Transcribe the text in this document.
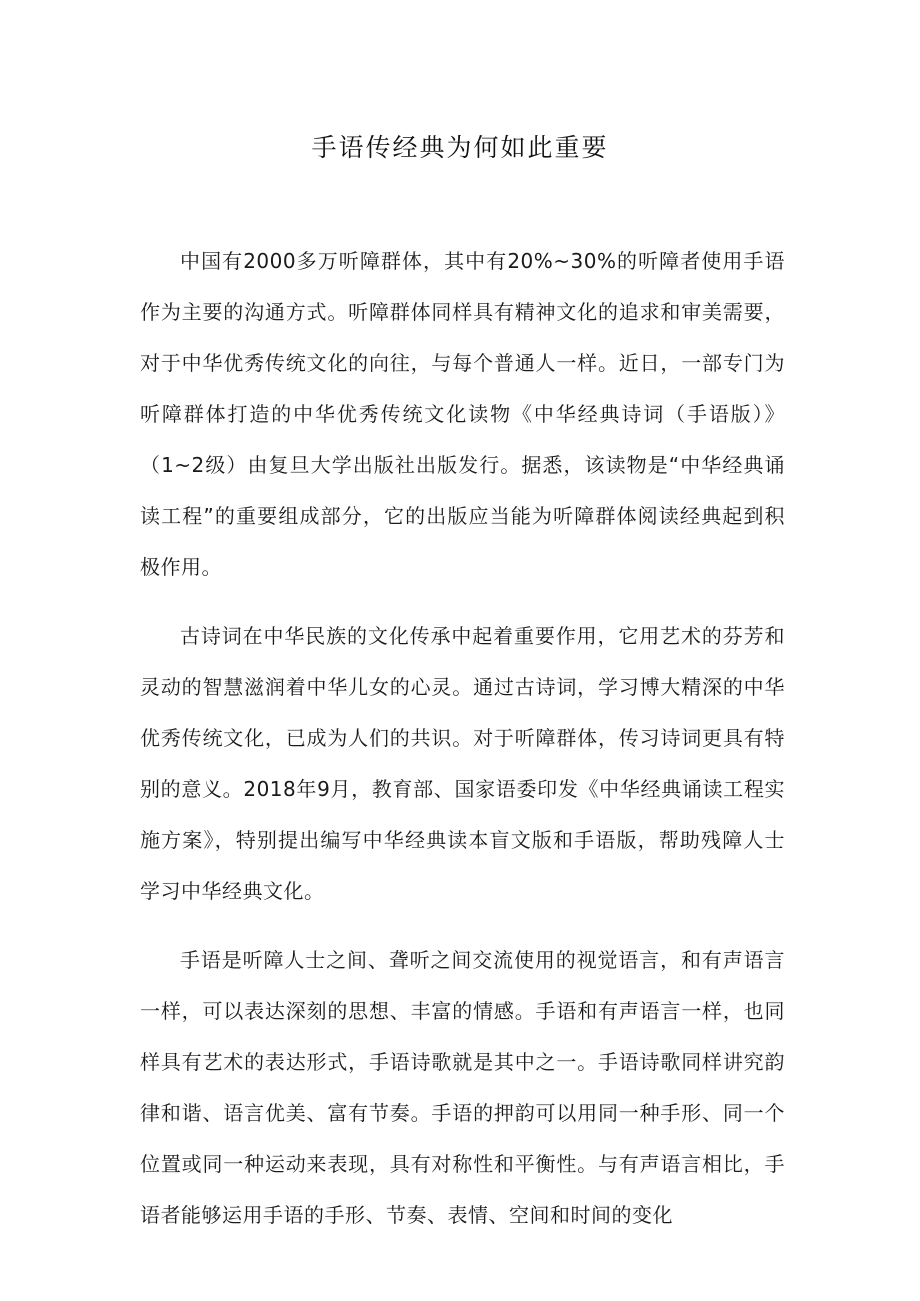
手语传经典为何如此重要

中国有2000多万听障群体，其中有20%~30%的听障者使用手语作为主要的沟通方式。听障群体同样具有精神文化的追求和审美需要，对于中华优秀传统文化的向往，与每个普通人一样。近日，一部专门为听障群体打造的中华优秀传统文化读物《中华经典诗词（手语版）》（1~2级）由复旦大学出版社出版发行。据悉，该读物是“中华经典诵读工程”的重要组成部分，它的出版应当能为听障群体阅读经典起到积极作用。

古诗词在中华民族的文化传承中起着重要作用，它用艺术的芬芳和灵动的智慧滋润着中华儿女的心灵。通过古诗词，学习博大精深的中华优秀传统文化，已成为人们的共识。对于听障群体，传习诗词更具有特别的意义。2018年9月，教育部、国家语委印发《中华经典诵读工程实施方案》，特别提出编写中华经典读本盲文版和手语版，帮助残障人士学习中华经典文化。

手语是听障人士之间、聋听之间交流使用的视觉语言，和有声语言一样，可以表达深刻的思想、丰富的情感。手语和有声语言一样，也同样具有艺术的表达形式，手语诗歌就是其中之一。手语诗歌同样讲究韵律和谐、语言优美、富有节奏。手语的押韵可以用同一种手形、同一个位置或同一种运动来表现，具有对称性和平衡性。与有声语言相比，手语者能够运用手语的手形、节奏、表情、空间和时间的变化
